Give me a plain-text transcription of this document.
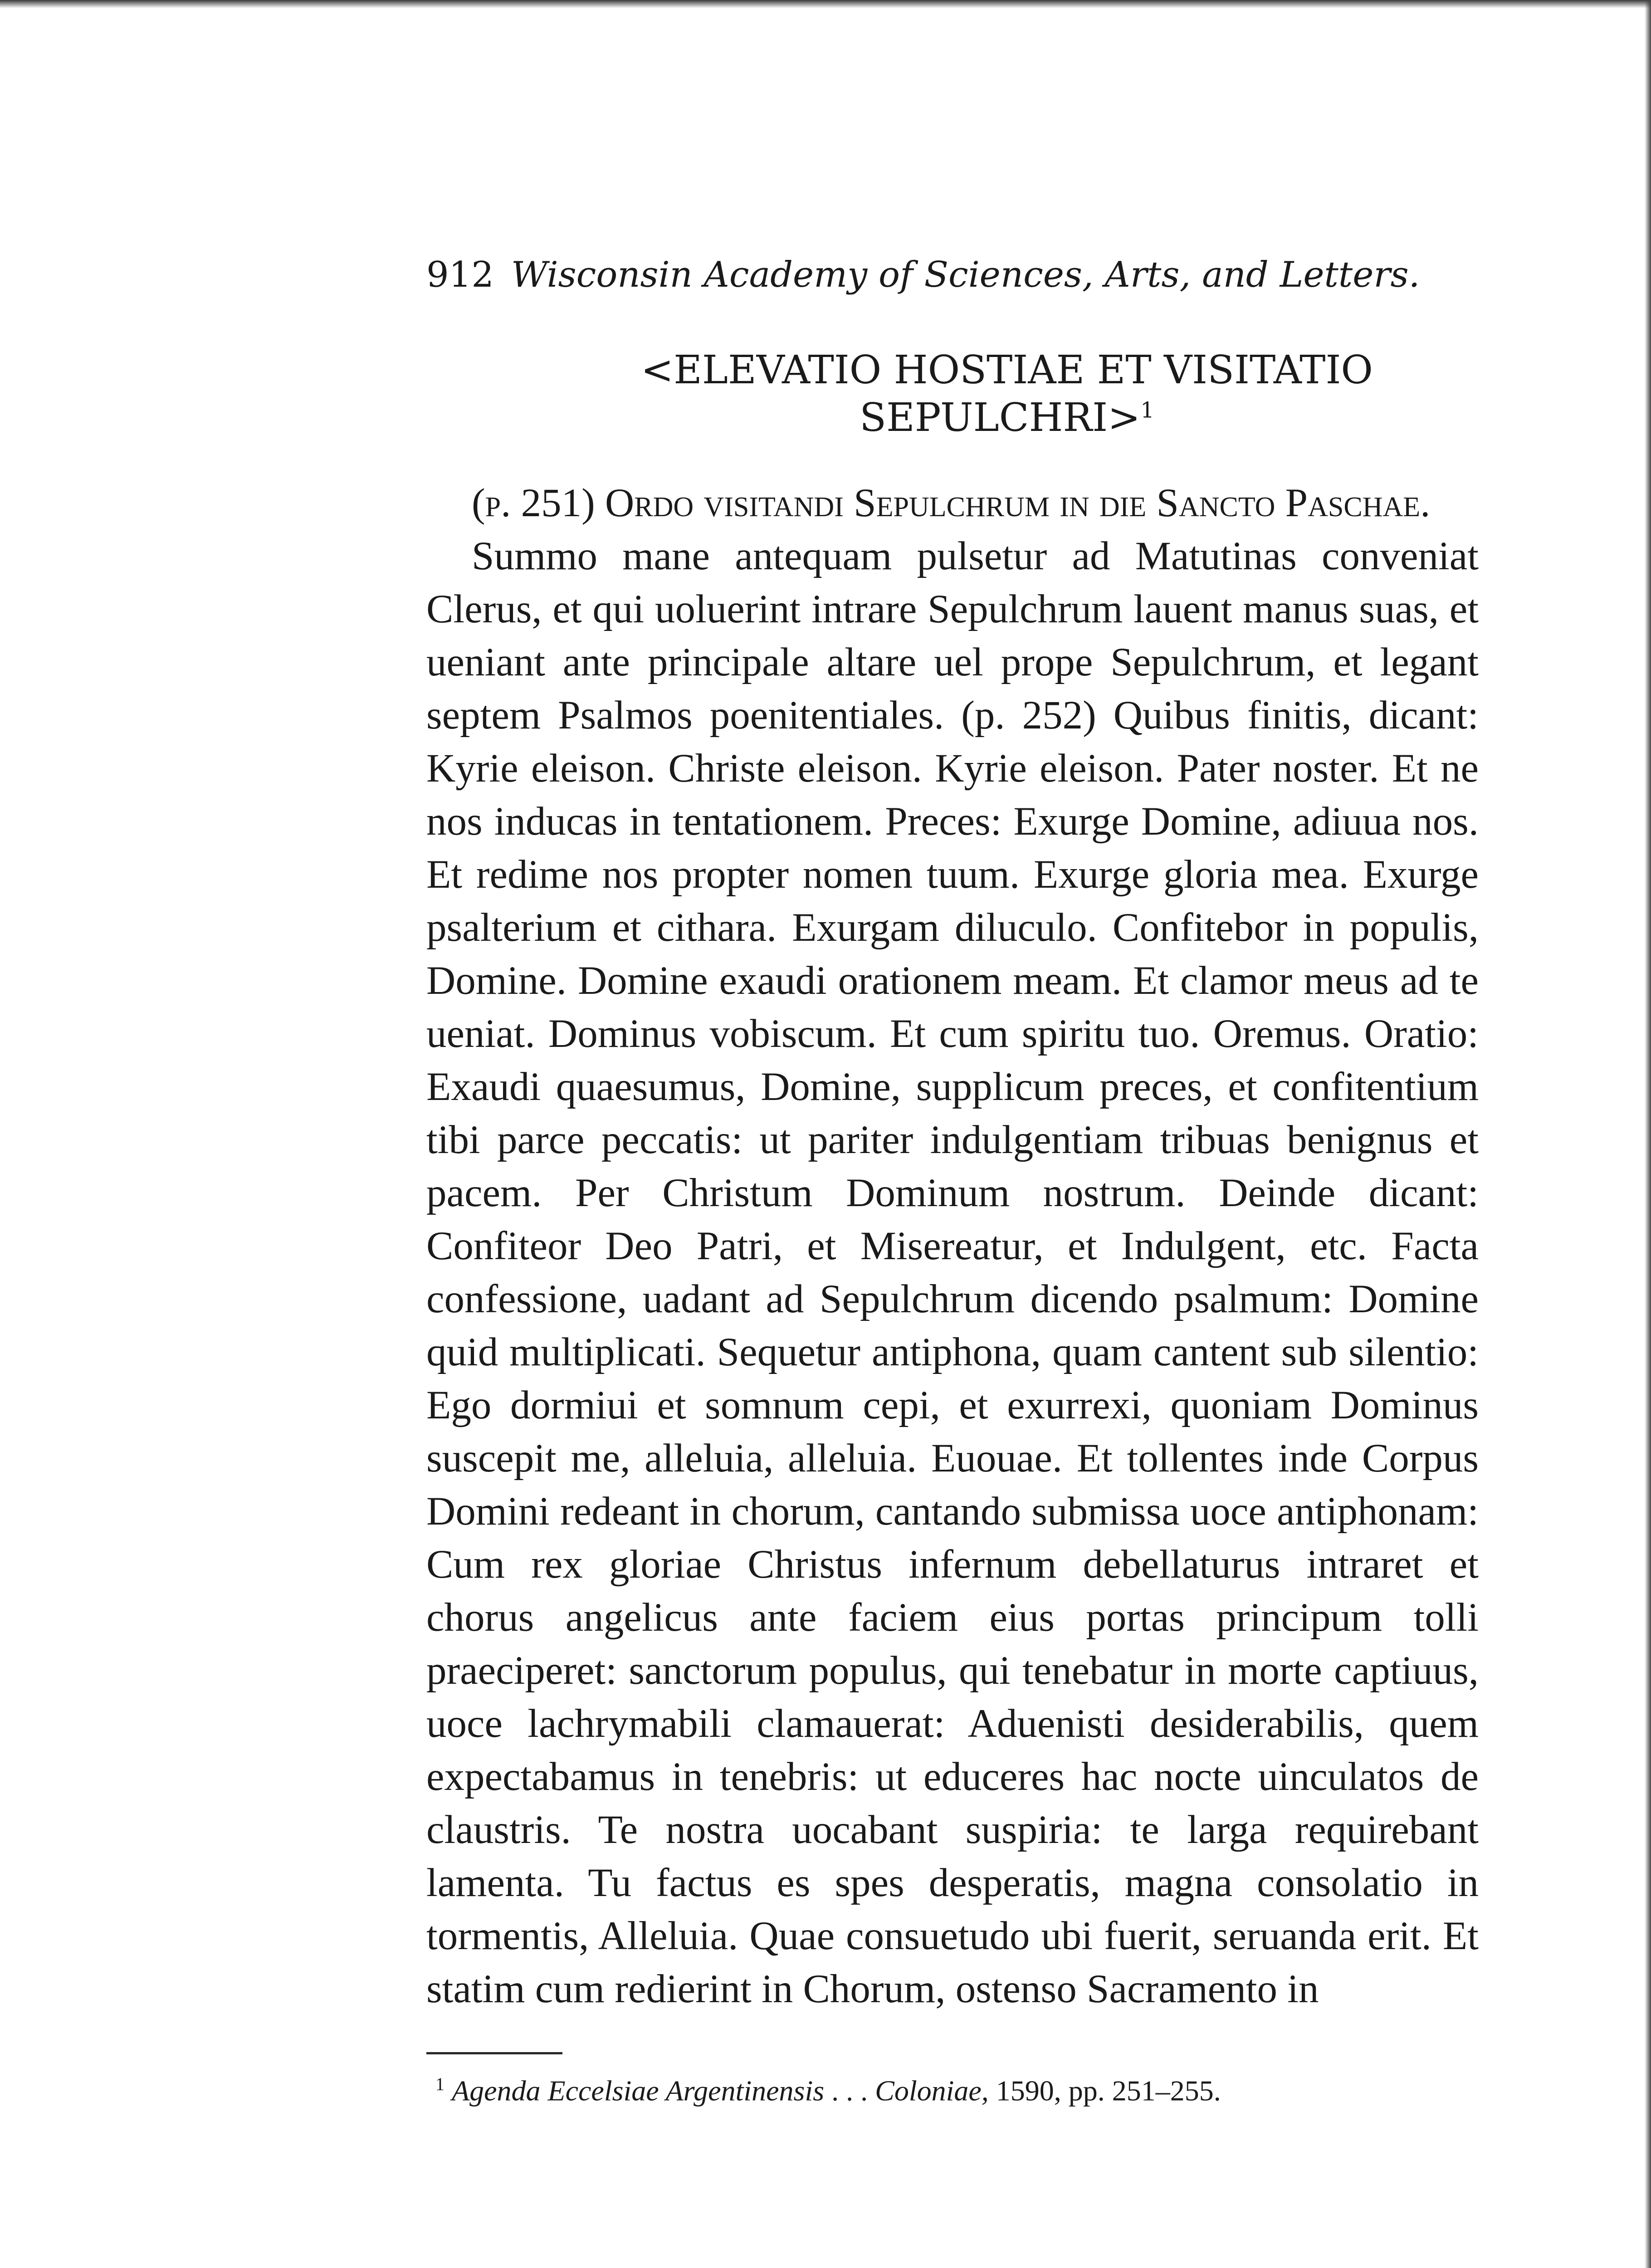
912 Wisconsin Academy of Sciences, Arts, and Letters.
<ELEVATIO HOSTIAE ET VISITATIO
SEPULCHRI>$^1$

(p. 251) Ordo visitandi Sepulchrum in die Sancto Paschae.

Summo mane antequam pulsetur ad Matutinas conveniat Clerus, et qui uoluerint intrare Sepulchrum lauent manus suas, et ueniant ante principale altare uel prope Sepulchrum, et legant septem Psalmos poenitentiales. (p. 252) Quibus finitis, dicant: Kyrie eleison. Christe eleison. Kyrie eleison. Pater noster. Et ne nos inducas in tentationem. Preces: Exurge Domine, adiuua nos. Et redime nos propter nomen tuum. Exurge gloria mea. Exurge psalterium et cithara. Exurgam diluculo. Confitebor in populis, Domine. Domine exaudi orationem meam. Et clamor meus ad te ueniat. Dominus vobiscum. Et cum spiritu tuo. Oremus. Oratio: Exaudi quaesumus, Domine, supplicum preces, et confitentium tibi parce peccatis: ut pariter indulgentiam tribuas benignus et pacem. Per Christum Dominum nostrum. Deinde dicant: Confiteor Deo Patri, et Misereatur, et Indulgent, etc. Facta confessione, uadant ad Sepulchrum dicendo psalmum: Domine quid multiplicati. Sequetur antiphona, quam cantent sub silentio: Ego dormiui et somnum cepi, et exurrexi, quoniam Dominus suscepit me, alleluia, alleluia. Euouae. Et tollentes inde Corpus Domini redeant in chorum, cantando submissa uoce antiphonam: Cum rex gloriae Christus infernum debellaturus intraret et chorus angelicus ante faciem eius portas principum tolli praeciperet: sanctorum populus, qui tenebatur in morte captiuus, uoce lachrymabili clamauerat: Aduenisti desiderabilis, quem expectabamus in tenebris: ut educeres hac nocte uinculatos de claustris. Te nostra uocabant suspiria: te larga requirebant lamenta. Tu factus es spes desperatis, magna consolatio in tormentis, Alleluia. Quae consuetudo ubi fuerit, seruanda erit. Et statim cum redierint in Chorum, ostenso Sacramento in

$^1$ Agenda Eccelsiae Argentinensis . . . Coloniae, 1590, pp. 251–255.
